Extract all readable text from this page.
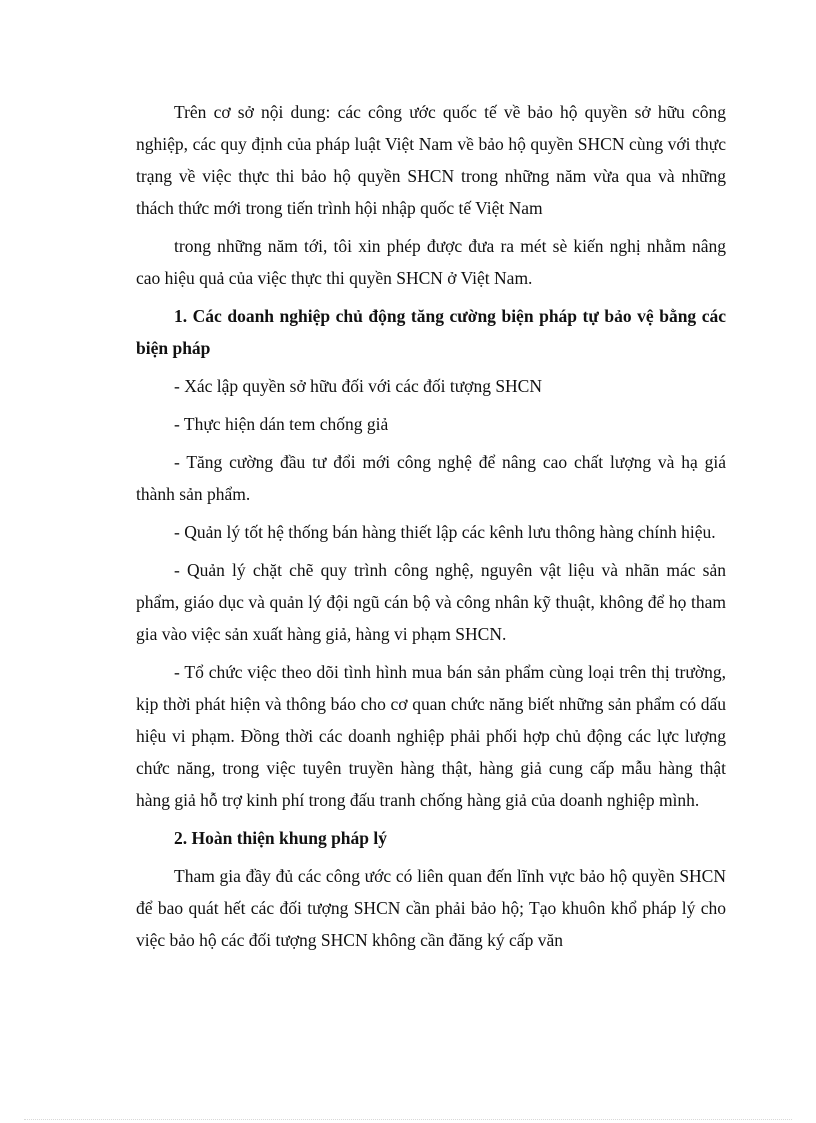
Trên cơ sở nội dung: các công ước quốc tế về bảo hộ quyền sở hữu công nghiệp, các quy định của pháp luật Việt Nam về bảo hộ quyền SHCN cùng với thực trạng về việc thực thi bảo hộ quyền SHCN trong những năm vừa qua và những thách thức mới trong tiến trình hội nhập quốc tế Việt Nam

trong những năm tới, tôi xin phép được đưa ra mét sè kiến nghị nhằm nâng cao hiệu quả của việc thực thi quyền SHCN ở Việt Nam.

1. Các doanh nghiệp chủ động tăng cường biện pháp tự bảo vệ bằng các biện pháp

- Xác lập quyền sở hữu đối với các đối tượng SHCN

- Thực hiện dán tem chống giả

- Tăng cường đầu tư đổi mới công nghệ để nâng cao chất lượng và hạ giá thành sản phẩm.

- Quản lý tốt hệ thống bán hàng thiết lập các kênh lưu thông hàng chính hiệu.

- Quản lý chặt chẽ quy trình công nghệ, nguyên vật liệu và nhãn mác sản phẩm, giáo dục và quản lý đội ngũ cán bộ và công nhân kỹ thuật, không để họ tham gia vào việc sản xuất hàng giả, hàng vi phạm SHCN.

- Tổ chức việc theo dõi tình hình mua bán sản phẩm cùng loại trên thị trường, kịp thời phát hiện và thông báo cho cơ quan chức năng biết những sản phẩm có dấu hiệu vi phạm. Đồng thời các doanh nghiệp phải phối hợp chủ động các lực lượng chức năng, trong việc tuyên truyền hàng thật, hàng giả cung cấp mẫu hàng thật hàng giả hỗ trợ kinh phí trong đấu tranh chống hàng giả của doanh nghiệp mình.

2. Hoàn thiện khung pháp lý

Tham gia đầy đủ các công ước có liên quan đến lĩnh vực bảo hộ quyền SHCN để bao quát hết các đối tượng SHCN cần phải bảo hộ; Tạo khuôn khổ pháp lý cho việc bảo hộ các đối tượng SHCN không cần đăng ký cấp văn
